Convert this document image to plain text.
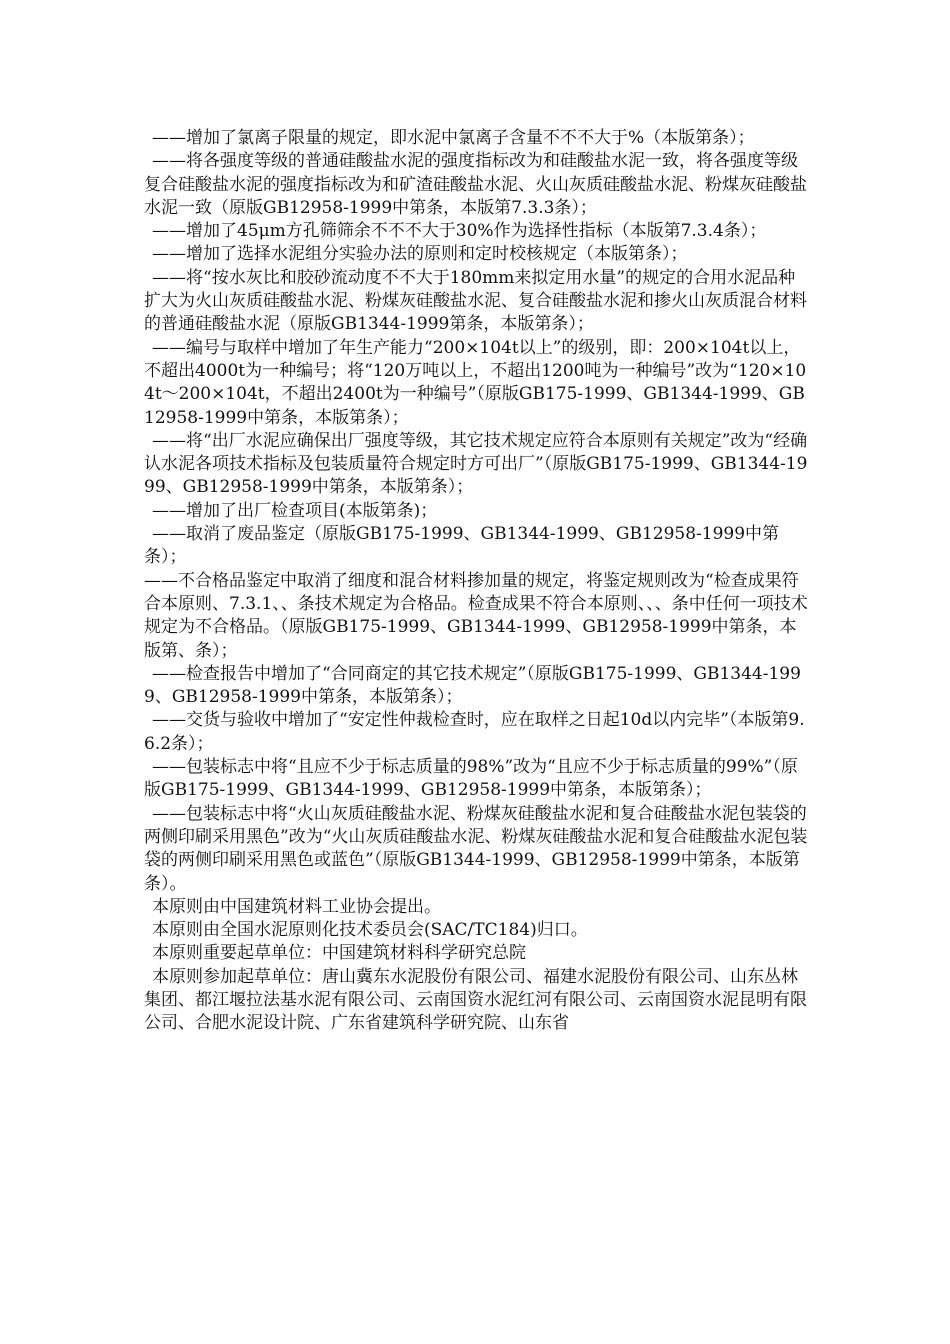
——增加了氯离子限量的规定，即水泥中氯离子含量不不不大于%（本版第条）；

——将各强度等级的普通硅酸盐水泥的强度指标改为和硅酸盐水泥一致，将各强度等级复合硅酸盐水泥的强度指标改为和矿渣硅酸盐水泥、火山灰质硅酸盐水泥、粉煤灰硅酸盐水泥一致（原版GB12958-1999中第条，本版第7.3.3条）；

——增加了45μm方孔筛筛余不不不大于30%作为选择性指标（本版第7.3.4条）；

——增加了选择水泥组分实验办法的原则和定时校核规定（本版第条）；

——将“按水灰比和胶砂流动度不不大于180mm来拟定用水量”的规定的合用水泥品种扩大为火山灰质硅酸盐水泥、粉煤灰硅酸盐水泥、复合硅酸盐水泥和掺火山灰质混合材料的普通硅酸盐水泥（原版GB1344-1999第条，本版第条）；

——编号与取样中增加了年生产能力“200×104t以上”的级别，即：200×104t以上，不超出4000t为一种编号；将“120万吨以上，不超出1200吨为一种编号”改为“120×104t～200×104t，不超出2400t为一种编号”（原版GB175-1999、GB1344-1999、GB12958-1999中第条，本版第条）；

——将“出厂水泥应确保出厂强度等级，其它技术规定应符合本原则有关规定”改为“经确认水泥各项技术指标及包装质量符合规定时方可出厂”（原版GB175-1999、GB1344-1999、GB12958-1999中第条，本版第条）；

——增加了出厂检查项目(本版第条)；

——取消了废品鉴定（原版GB175-1999、GB1344-1999、GB12958-1999中第条）；

——不合格品鉴定中取消了细度和混合材料掺加量的规定，将鉴定规则改为“检查成果符合本原则、7.3.1、、条技术规定为合格品。检查成果不符合本原则、、、条中任何一项技术规定为不合格品。（原版GB175-1999、GB1344-1999、GB12958-1999中第条，本版第、条）；

——检查报告中增加了“合同商定的其它技术规定”（原版GB175-1999、GB1344-1999、GB12958-1999中第条，本版第条）；

——交货与验收中增加了“安定性仲裁检查时，应在取样之日起10d以内完毕”（本版第9.6.2条）；

——包装标志中将“且应不少于标志质量的98%”改为“且应不少于标志质量的99%”（原版GB175-1999、GB1344-1999、GB12958-1999中第条，本版第条）；

——包装标志中将“火山灰质硅酸盐水泥、粉煤灰硅酸盐水泥和复合硅酸盐水泥包装袋的两侧印刷采用黑色”改为“火山灰质硅酸盐水泥、粉煤灰硅酸盐水泥和复合硅酸盐水泥包装袋的两侧印刷采用黑色或蓝色”（原版GB1344-1999、GB12958-1999中第条，本版第条）。

本原则由中国建筑材料工业协会提出。

本原则由全国水泥原则化技术委员会(SAC/TC184)归口。

本原则重要起草单位：中国建筑材料科学研究总院

本原则参加起草单位：唐山冀东水泥股份有限公司、福建水泥股份有限公司、山东丛林集团、都江堰拉法基水泥有限公司、云南国资水泥红河有限公司、云南国资水泥昆明有限公司、合肥水泥设计院、广东省建筑科学研究院、山东省
